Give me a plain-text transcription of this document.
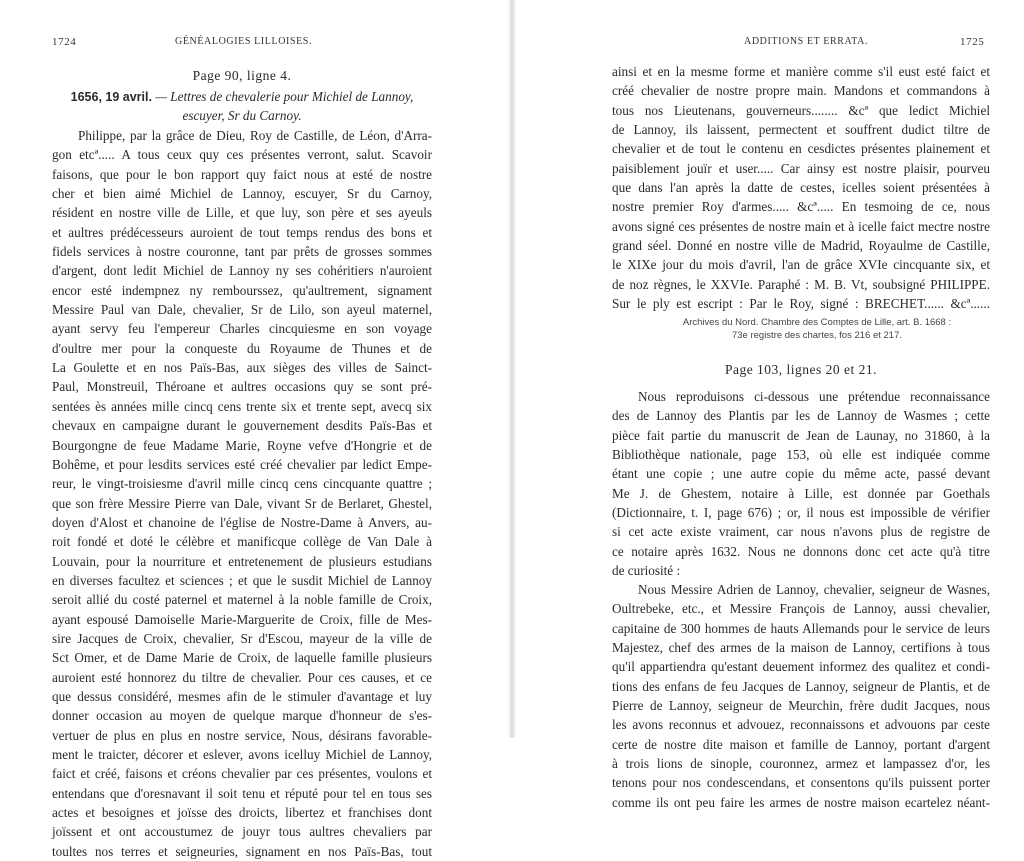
1724	GÉNÉALOGIES LILLOISES.
Page 90, ligne 4.
1656, 19 avril. — Lettres de chevalerie pour Michiel de Lannoy,
escuyer, Sr du Carnoy.
Philippe, par la grâce de Dieu, Roy de Castille, de Léon, d'Arra-
gon etcª..... A tous ceux quy ces présentes verront, salut. Scavoir
faisons, que pour le bon rapport quy faict nous at esté de nostre
cher et bien aimé Michiel de Lannoy, escuyer, Sr du Carnoy,
résident en nostre ville de Lille, et que luy, son père et ses ayeuls
et aultres prédécesseurs auroient de tout temps rendus des bons et
fidels services à nostre couronne, tant par prêts de grosses sommes
d'argent, dont ledit Michiel de Lannoy ny ses cohéritiers n'auroient
encor esté indempnez ny rembourssez, qu'aultrement, signament
Messire Paul van Dale, chevalier, Sr de Lilo, son ayeul maternel,
ayant servy feu l'empereur Charles cincquiesme en son voyage
d'oultre mer pour la conqueste du Royaume de Thunes et de
La Goulette et en nos Païs-Bas, aux sièges des villes de Sainct-
Paul, Monstreuil, Théroane et aultres occasions quy se sont pré-
sentées ès années mille cincq cens trente six et trente sept, avecq six
chevaux en campaigne durant le gouvernement desdits Païs-Bas et
Bourgongne de feue Madame Marie, Royne vefve d'Hongrie et de
Bohême, et pour lesdits services esté créé chevalier par ledict Empe-
reur, le vingt-troisiesme d'avril mille cincq cens cincquante quattre ;
que son frère Messire Pierre van Dale, vivant Sr de Berlaret, Ghestel,
doyen d'Alost et chanoine de l'église de Nostre-Dame à Anvers, au-
roit fondé et doté le célèbre et manificque collège de Van Dale à
Louvain, pour la nourriture et entretenement de plusieurs estudians
en diverses facultez et sciences ; et que le susdit Michiel de Lannoy
seroit allié du costé paternel et maternel à la noble famille de Croix,
ayant espousé Damoiselle Marie-Marguerite de Croix, fille de Mes-
sire Jacques de Croix, chevalier, Sr d'Escou, mayeur de la ville de
Sct Omer, et de Dame Marie de Croix, de laquelle famille plusieurs
auroient esté honnorez du tiltre de chevalier. Pour ces causes, et ce
que dessus considéré, mesmes afin de le stimuler d'avantage et luy
donner occasion au moyen de quelque marque d'honneur de s'es-
vertuer de plus en plus en nostre service, Nous, désirans favorable-
ment le traicter, décorer et eslever, avons icelluy Michiel de Lannoy,
faict et créé, faisons et créons chevalier par ces présentes, voulons et
entendans que d'oresnavant il soit tenu et réputé pour tel en tous ses
actes et besoignes et joïsse des droicts, libertez et franchises dont
joïssent et ont accoustumez de jouyr tous aultres chevaliers par
toultes nos terres et seigneuries, signament en nos Païs-Bas, tout
ADDITIONS ET ERRATA.	1725
ainsi et en la mesme forme et manière comme s'il eust esté faict et
créé chevalier de nostre propre main. Mandons et commandons à
tous nos Lieutenans, gouverneurs........ &cª que ledict Michiel
de Lannoy, ils laissent, permectent et souffrent dudict tiltre de
chevalier et de tout le contenu en cesdictes présentes plainement et
paisiblement jouïr et user..... Car ainsy est nostre plaisir, pourveu
que dans l'an après la datte de cestes, icelles soient présentées à
nostre premier Roy d'armes..... &cª..... En tesmoing de ce, nous
avons signé ces présentes de nostre main et à icelle faict mectre nostre
grand séel. Donné en nostre ville de Madrid, Royaulme de Castille,
le XIXe jour du mois d'avril, l'an de grâce XVIe cincquante six, et
de noz règnes, le XXVIe. Paraphé : M. B. Vt, soubsigné PHILIPPE.
Sur le ply est escript : Par le Roy, signé : BRECHET...... &cª......
Archives du Nord. Chambre des Comptes de Lille, art. B. 1668 :
73e registre des chartes, fos 216 et 217.
Page 103, lignes 20 et 21.
Nous reproduisons ci-dessous une prétendue reconnaissance
des de Lannoy des Plantis par les de Lannoy de Wasmes ; cette
pièce fait partie du manuscrit de Jean de Launay, no 31860, à la
Bibliothèque nationale, page 153, où elle est indiquée comme
étant une copie ; une autre copie du même acte, passé devant
Me J. de Ghestem, notaire à Lille, est donnée par Goethals
(Dictionnaire, t. I, page 676) ; or, il nous est impossible de vérifier
si cet acte existe vraiment, car nous n'avons plus de registre de
ce notaire après 1632. Nous ne donnons donc cet acte qu'à titre
de curiosité :
Nous Messire Adrien de Lannoy, chevalier, seigneur de Wasnes,
Oultrebeke, etc., et Messire François de Lannoy, aussi chevalier,
capitaine de 300 hommes de hauts Allemands pour le service de leurs
Majestez, chef des armes de la maison de Lannoy, certifions à tous
qu'il appartiendra qu'estant deuement informez des qualitez et condi-
tions des enfans de feu Jacques de Lannoy, seigneur de Plantis, et de
Pierre de Lannoy, seigneur de Meurchin, frère dudit Jacques, nous
les avons reconnus et advouez, reconnaissons et advouons par ceste
certe de nostre dite maison et famille de Lannoy, portant d'argent
à trois lions de sinople, couronnez, armez et lampassez d'or, les
tenons pour nos condescendans, et consentons qu'ils puissent porter
comme ils ont peu faire les armes de nostre maison ecartelez néant-
